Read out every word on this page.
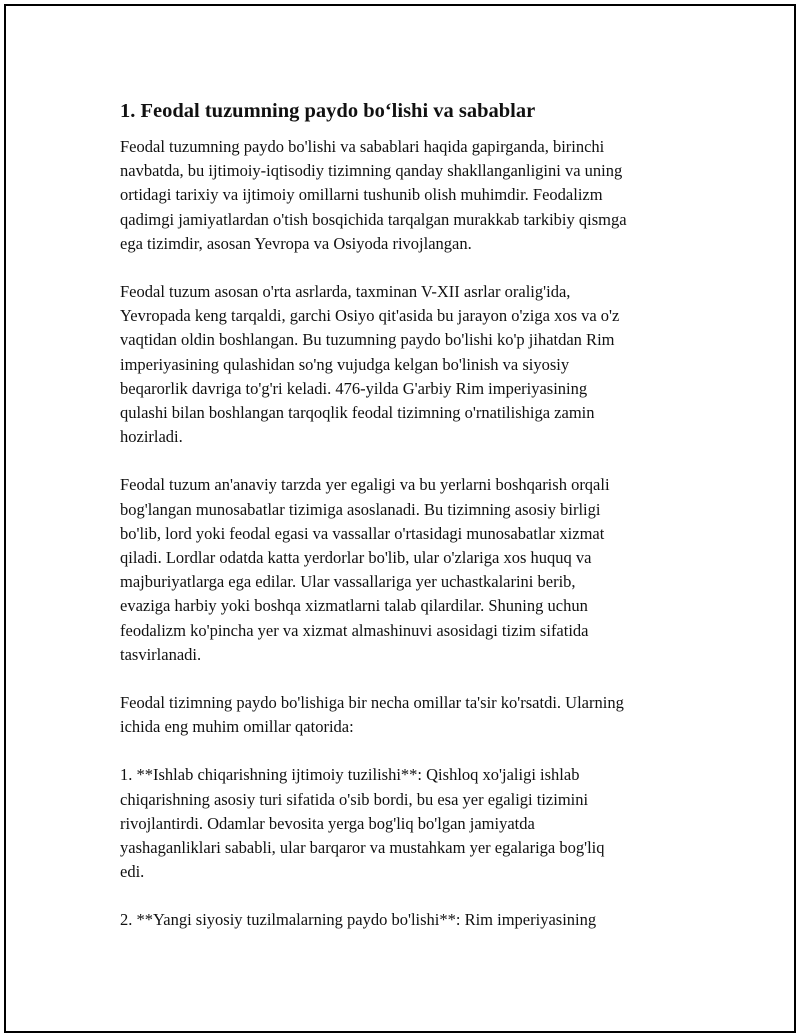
1. Feodal tuzumning paydo bo‘lishi va sabablar

Feodal tuzumning paydo bo'lishi va sabablari haqida gapirganda, birinchi
navbatda, bu ijtimoiy-iqtisodiy tizimning qanday shakllanganligini va uning
ortidagi tarixiy va ijtimoiy omillarni tushunib olish muhimdir. Feodalizm
qadimgi jamiyatlardan o'tish bosqichida tarqalgan murakkab tarkibiy qismga
ega tizimdir, asosan Yevropa va Osiyoda rivojlangan.

Feodal tuzum asosan o'rta asrlarda, taxminan V-XII asrlar oralig'ida,
Yevropada keng tarqaldi, garchi Osiyo qit'asida bu jarayon o'ziga xos va o'z
vaqtidan oldin boshlangan. Bu tuzumning paydo bo'lishi ko'p jihatdan Rim
imperiyasining qulashidan so'ng vujudga kelgan bo'linish va siyosiy
beqarorlik davriga to'g'ri keladi. 476-yilda G'arbiy Rim imperiyasining
qulashi bilan boshlangan tarqoqlik feodal tizimning o'rnatilishiga zamin
hozirladi.

Feodal tuzum an'anaviy tarzda yer egaligi va bu yerlarni boshqarish orqali
bog'langan munosabatlar tizimiga asoslanadi. Bu tizimning asosiy birligi
bo'lib, lord yoki feodal egasi va vassallar o'rtasidagi munosabatlar xizmat
qiladi. Lordlar odatda katta yerdorlar bo'lib, ular o'zlariga xos huquq va
majburiyatlarga ega edilar. Ular vassallariga yer uchastkalarini berib,
evaziga harbiy yoki boshqa xizmatlarni talab qilardilar. Shuning uchun
feodalizm ko'pincha yer va xizmat almashinuvi asosidagi tizim sifatida
tasvirlanadi.

Feodal tizimning paydo bo'lishiga bir necha omillar ta'sir ko'rsatdi. Ularning
ichida eng muhim omillar qatorida:

1. **Ishlab chiqarishning ijtimoiy tuzilishi**: Qishloq xo'jaligi ishlab
chiqarishning asosiy turi sifatida o'sib bordi, bu esa yer egaligi tizimini
rivojlantirdi. Odamlar bevosita yerga bog'liq bo'lgan jamiyatda
yashaganliklari sababli, ular barqaror va mustahkam yer egalariga bog'liq
edi.

2. **Yangi siyosiy tuzilmalarning paydo bo'lishi**: Rim imperiyasining
